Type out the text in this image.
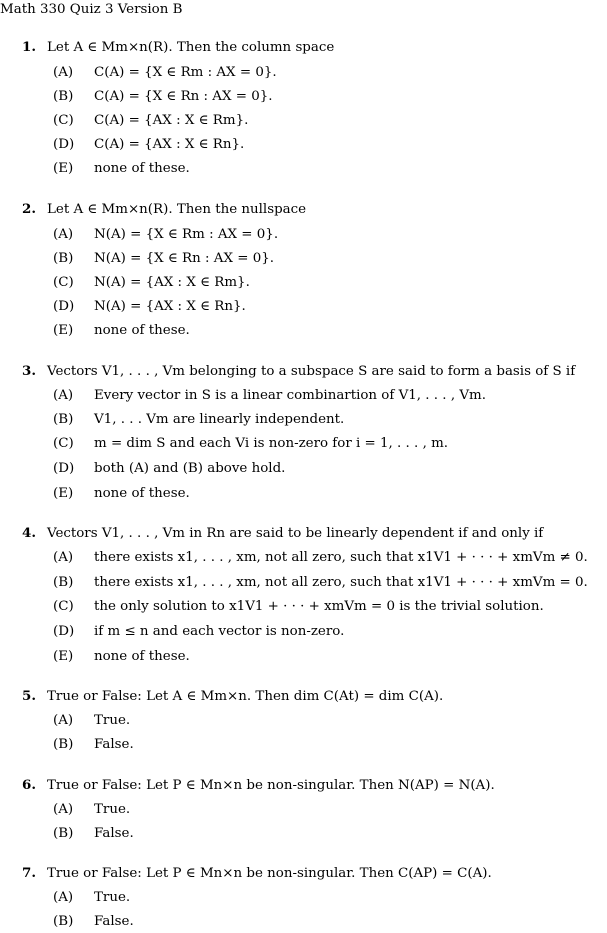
Math 330 Quiz 3 Version B
1. Let A ∈ Mm×n(R). Then the column space
(A) C(A) = {X ∈ Rm : AX = 0}.
(B) C(A) = {X ∈ Rn : AX = 0}.
(C) C(A) = {AX : X ∈ Rm}.
(D) C(A) = {AX : X ∈ Rn}.
(E) none of these.
2. Let A ∈ Mm×n(R). Then the nullspace
(A) N(A) = {X ∈ Rm : AX = 0}.
(B) N(A) = {X ∈ Rn : AX = 0}.
(C) N(A) = {AX : X ∈ Rm}.
(D) N(A) = {AX : X ∈ Rn}.
(E) none of these.
3. Vectors V1, . . . , Vm belonging to a subspace S are said to form a basis of S if
(A) Every vector in S is a linear combinartion of V1, . . . , Vm.
(B) V1, . . . Vm are linearly independent.
(C) m = dim S and each Vi is non-zero for i = 1, . . . , m.
(D) both (A) and (B) above hold.
(E) none of these.
4. Vectors V1, . . . , Vm in Rn are said to be linearly dependent if and only if
(A) there exists x1, . . . , xm, not all zero, such that x1V1 + · · · + xmVm ≠ 0.
(B) there exists x1, . . . , xm, not all zero, such that x1V1 + · · · + xmVm = 0.
(C) the only solution to x1V1 + · · · + xmVm = 0 is the trivial solution.
(D) if m ≤ n and each vector is non-zero.
(E) none of these.
5. True or False: Let A ∈ Mm×n. Then dim C(At) = dim C(A).
(A) True.
(B) False.
6. True or False: Let P ∈ Mn×n be non-singular. Then N(AP) = N(A).
(A) True.
(B) False.
7. True or False: Let P ∈ Mn×n be non-singular. Then C(AP) = C(A).
(A) True.
(B) False.
